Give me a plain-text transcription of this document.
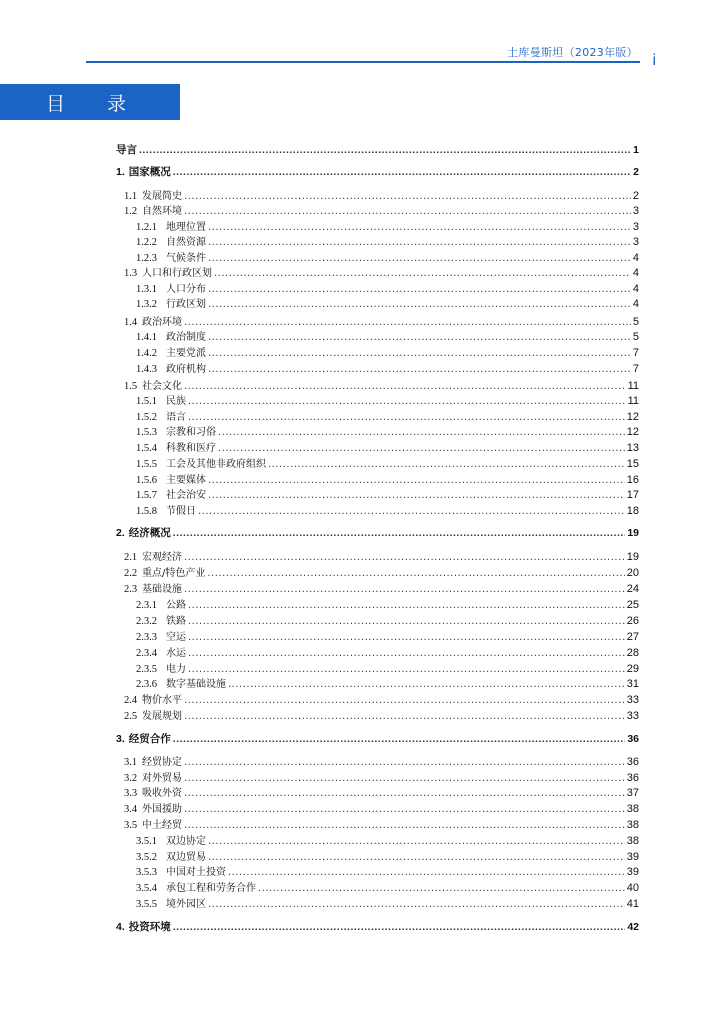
土库曼斯坦（2023年版） i
目 录
导言 .....	1
1. 国家概况 .....	2
1.1 发展简史 .....	2
1.2 自然环境 .....	3
1.2.1 地理位置 .....	3
1.2.2 自然资源 .....	3
1.2.3 气候条件 .....	4
1.3 人口和行政区划 .....	4
1.3.1 人口分布 .....	4
1.3.2 行政区划 .....	4
1.4 政治环境 .....	5
1.4.1 政治制度 .....	5
1.4.2 主要党派 .....	7
1.4.3 政府机构 .....	7
1.5 社会文化 .....	11
1.5.1 民族 .....	11
1.5.2 语言 .....	12
1.5.3 宗教和习俗 .....	12
1.5.4 科教和医疗 .....	13
1.5.5 工会及其他非政府组织 .....	15
1.5.6 主要媒体 .....	16
1.5.7 社会治安 .....	17
1.5.8 节假日 .....	18
2. 经济概况 .....	19
2.1 宏观经济 .....	19
2.2 重点/特色产业 .....	20
2.3 基础设施 .....	24
2.3.1 公路 .....	25
2.3.2 铁路 .....	26
2.3.3 空运 .....	27
2.3.4 水运 .....	28
2.3.5 电力 .....	29
2.3.6 数字基础设施 .....	31
2.4 物价水平 .....	33
2.5 发展规划 .....	33
3. 经贸合作 .....	36
3.1 经贸协定 .....	36
3.2 对外贸易 .....	36
3.3 吸收外资 .....	37
3.4 外国援助 .....	38
3.5 中土经贸 .....	38
3.5.1 双边协定 .....	38
3.5.2 双边贸易 .....	39
3.5.3 中国对土投资 .....	39
3.5.4 承包工程和劳务合作 .....	40
3.5.5 境外园区 .....	41
4. 投资环境 .....	42
